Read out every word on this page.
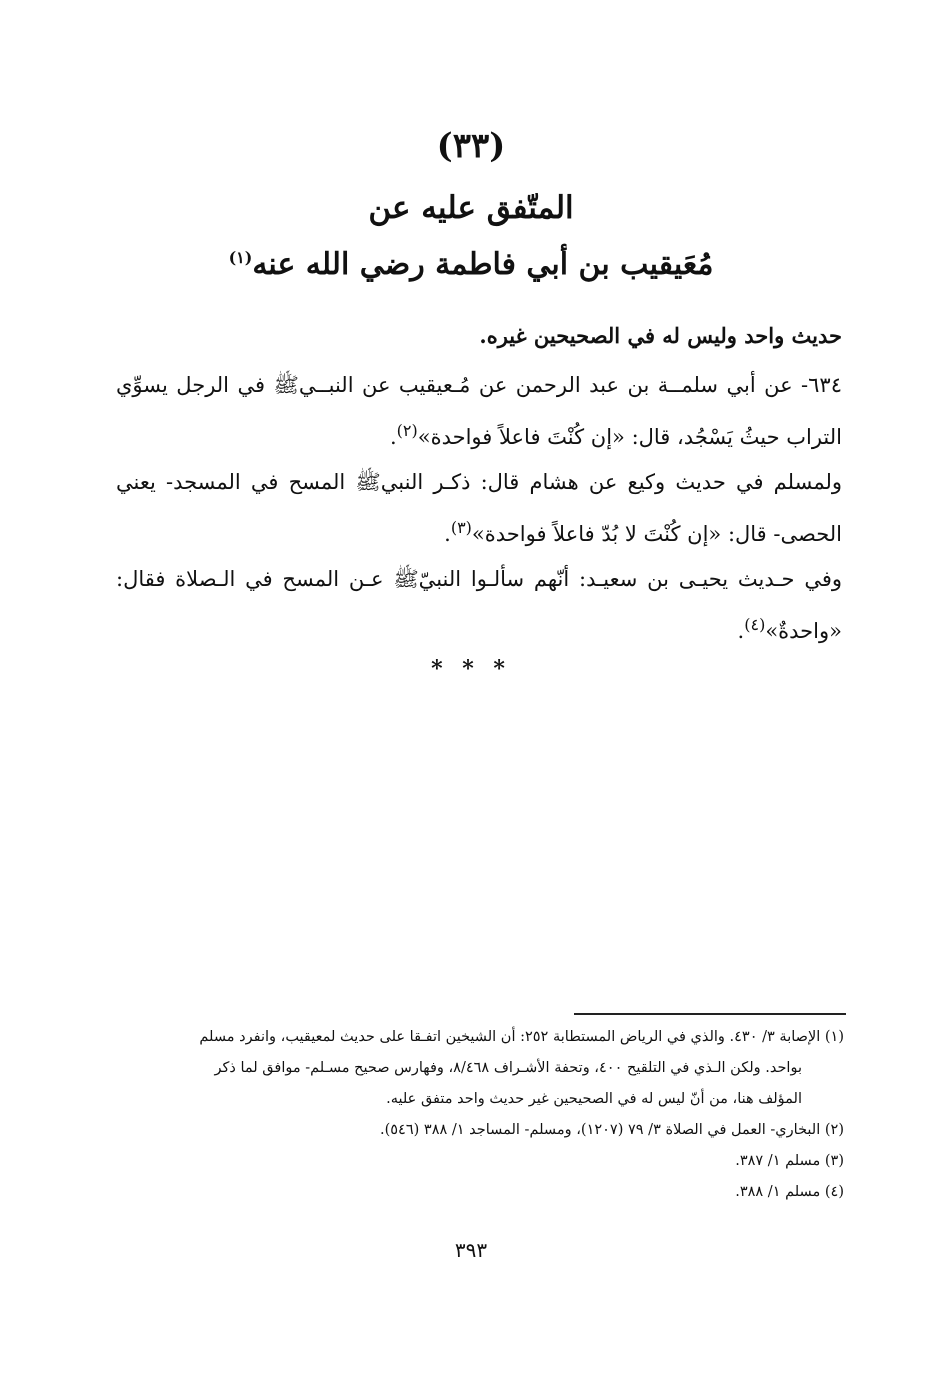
(٣٣)
المتّفق عليه عن
مُعَيقيب بن أبي فاطمة رضي الله عنه$^{(١)}$
حديث واحد وليس له في الصحيحين غيره.
٦٣٤- عن أبي سلمــة بن عبد الرحمن عن مُـعيقيب عن النبــيﷺ في الرجل يسوِّي التراب حيثُ يَسْجُد، قال: «إن كُنْتَ فاعلاً فواحدة»$^{(٢)}$.
ولمسلم في حديث وكيع عن هشام قال: ذكـر النبيﷺ المسح في المسجد- يعني الحصى- قال: «إن كُنْتَ لا بُدّ فاعلاً فواحدة»$^{(٣)}$.
وفي حـديث يحيـى بن سعيـد: أنّهم سألـوا النبيّﷺ عـن المسح في الـصلاة فقال: «واحدةٌ»$^{(٤)}$.
* * *

(١) الإصابة ٣/ ٤٣٠. والذي في الرياض المستطابة ٢٥٢: أن الشيخين اتفـقا على حديث لمعيقيب، وانفرد مسلم

بواحد. ولكن الـذي في التلقيح ٤٠٠، وتحفة الأشـراف ٨/٤٦٨، وفهارس صحيح مسـلم- موافق لما ذكر

المؤلف هنا، من أنّ ليس له في الصحيحين غير حديث واحد متفق عليه.

(٢) البخاري- العمل في الصلاة ٣/ ٧٩ (١٢٠٧)، ومسلم- المساجد ١/ ٣٨٨ (٥٤٦).

(٣) مسلم ١/ ٣٨٧.

(٤) مسلم ١/ ٣٨٨.

٣٩٣
